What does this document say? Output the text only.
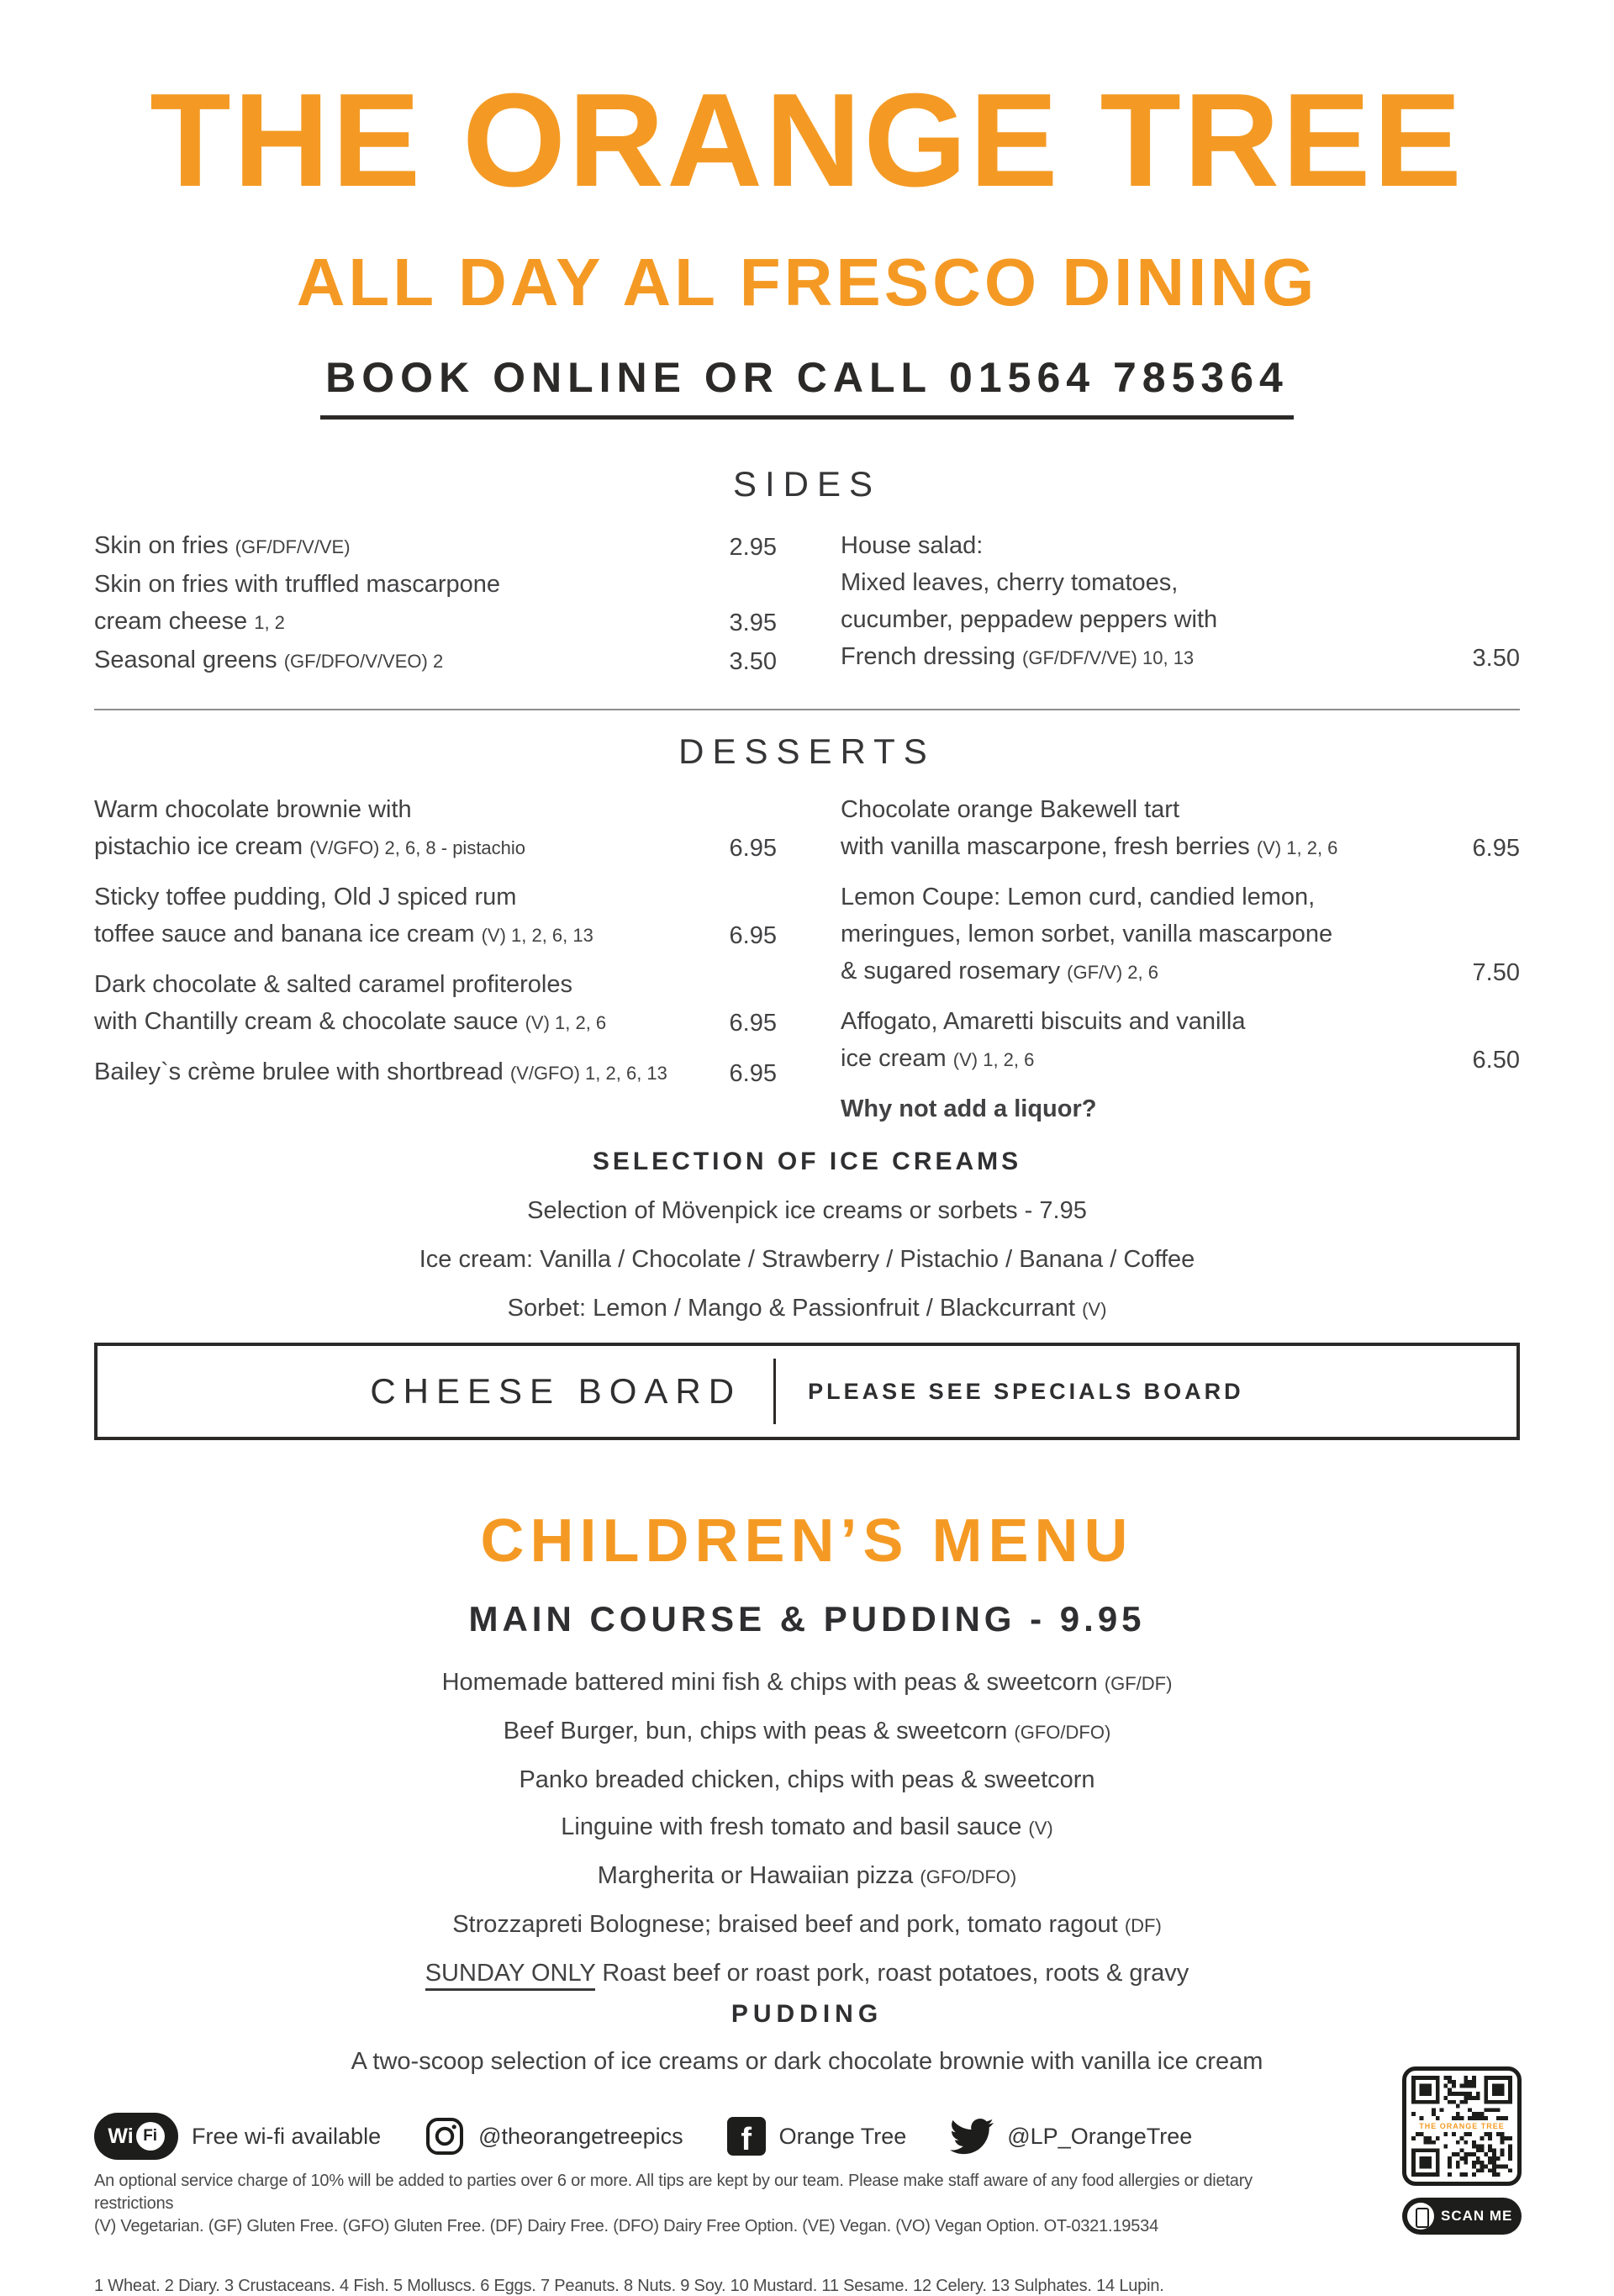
THE ORANGE TREE
ALL DAY AL FRESCO DINING
BOOK ONLINE OR CALL 01564 785364
SIDES
Skin on fries (GF/DF/V/VE)	2.95
Skin on fries with truffled mascarpone
cream cheese 1, 2	3.95
Seasonal greens (GF/DFO/V/VEO) 2	3.50
House salad:
Mixed leaves, cherry tomatoes,
cucumber, peppadew peppers with
French dressing (GF/DF/V/VE) 10, 13	3.50
DESSERTS
Warm chocolate brownie with
pistachio ice cream (V/GFO) 2, 6, 8 - pistachio	6.95
Sticky toffee pudding, Old J spiced rum
toffee sauce and banana ice cream (V) 1, 2, 6, 13	6.95
Dark chocolate & salted caramel profiteroles
with Chantilly cream & chocolate sauce (V) 1, 2, 6	6.95
Bailey`s crème brulee with shortbread (V/GFO) 1, 2, 6, 13	6.95
Chocolate orange Bakewell tart
with vanilla mascarpone, fresh berries (V) 1, 2, 6	6.95
Lemon Coupe: Lemon curd, candied lemon,
meringues, lemon sorbet, vanilla mascarpone
& sugared rosemary (GF/V) 2, 6	7.50
Affogato, Amaretti biscuits and vanilla
ice cream (V) 1, 2, 6	6.50
Why not add a liquor?
SELECTION OF ICE CREAMS

Selection of Mövenpick ice creams or sorbets - 7.95

Ice cream: Vanilla / Chocolate / Strawberry / Pistachio / Banana / Coffee

Sorbet: Lemon / Mango & Passionfruit / Blackcurrant (V)

CHEESE BOARD	PLEASE SEE SPECIALS BOARD
CHILDREN’S MENU
MAIN COURSE & PUDDING - 9.95
Homemade battered mini fish & chips with peas & sweetcorn (GF/DF)
Beef Burger, bun, chips with peas & sweetcorn (GFO/DFO)
Panko breaded chicken, chips with peas & sweetcorn
Linguine with fresh tomato and basil sauce (V)
Margherita or Hawaiian pizza (GFO/DFO)
Strozzapreti Bolognese; braised beef and pork, tomato ragout (DF)
SUNDAY ONLY Roast beef or roast pork, roast potatoes, roots & gravy
PUDDING

A two-scoop selection of ice creams or dark chocolate brownie with vanilla ice cream

Wi Fi	Free wi-fi available	@theorangetreepics f Orange Tree	@LP_OrangeTree

An optional service charge of 10% will be added to parties over 6 or more. All tips are kept by our team. Please make staff aware of any food allergies or dietary restrictions
(V) Vegetarian. (GF) Gluten Free. (GFO) Gluten Free. (DF) Dairy Free. (DFO) Dairy Free Option. (VE) Vegan. (VO) Vegan Option. OT-0321.19534

1 Wheat. 2 Diary. 3 Crustaceans. 4 Fish. 5 Molluscs. 6 Eggs. 7 Peanuts. 8 Nuts. 9 Soy. 10 Mustard. 11 Sesame. 12 Celery. 13 Sulphates. 14 Lupin.

THE ORANGE TREE
SCAN ME
